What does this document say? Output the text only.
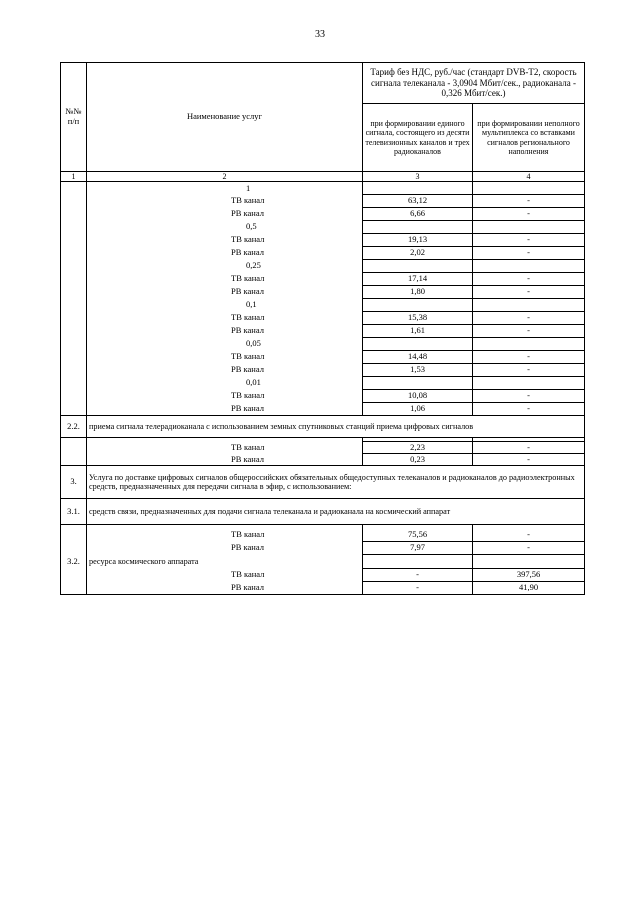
33
№№ п/п	Наименование услуг	Тариф без НДС, руб./час (стандарт DVB-T2, скорость сигнала телеканала - 3,0904 Мбит/сек., радиоканала - 0,326 Мбит/сек.)	
		при формировании единого сигнала, состоящего из десяти телевизионных каналов и трех радиоканалов	при формировании неполного мультиплекса со вставками сигналов регионального наполнения
1	2	3	4
	1		
	ТВ канал	63,12	-
	РВ канал	6,66	-
	0,5		
	ТВ канал	19,13	-
	РВ канал	2,02	-
	0,25		
	ТВ канал	17,14	-
	РВ канал	1,80	-
	0,1		
	ТВ канал	15,38	-
	РВ канал	1,61	-
	0,05		
	ТВ канал	14,48	-
	РВ канал	1,53	-
	0,01		
	ТВ канал	10,08	-
	РВ канал	1,06	-
2.2.	приема сигнала телерадиоканала с использованием земных спутниковых станций приема цифровых сигналов		

	ТВ канал	2,23	-
	РВ канал	0,23	-
3.	Услуга по доставке цифровых сигналов общероссийских обязательных общедоступных телеканалов и радиоканалов до радиоэлектронных средств, предназначенных для передачи сигнала в эфир, с использованием:		
3.1.	средств связи, предназначенных для подачи сигнала телеканала и радиоканала на космический аппарат		

	ТВ канал	75,56	-
	РВ канал	7,97	-
3.2.	ресурса космического аппарата		
	ТВ канал	-	397,56
	РВ канал	-	41,90
